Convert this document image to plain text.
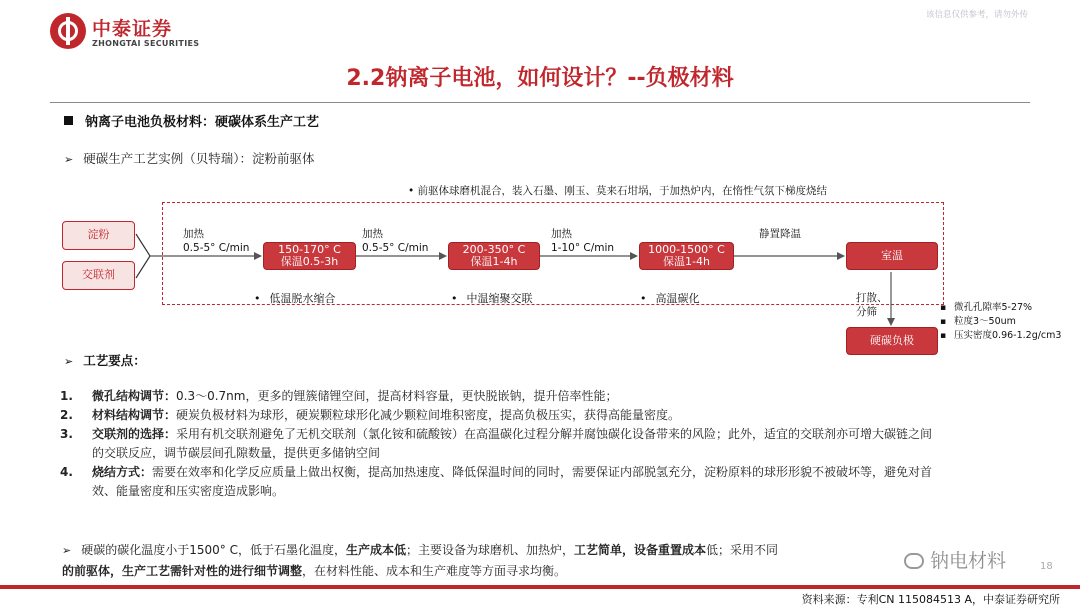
中泰证券
ZHONGTAI SECURITIES
该信息仅供参考，请勿外传
2.2钠离子电池，如何设计？--负极材料
钠离子电池负极材料：硬碳体系生产工艺
➢ 硬碳生产工艺实例（贝特瑞）：淀粉前驱体
• 前驱体球磨机混合，装入石墨、刚玉、莫来石坩埚，于加热炉内，在惰性气氛下梯度烧结
淀粉
交联剂
150-170° C
保温0.5-3h
200-350° C
保温1-4h
1000-1500° C
保温1-4h	室温
硬碳负极
加热
0.5-5° C/min
加热
0.5-5° C/min
加热
1-10° C/min
静置降温
打散、
分筛
• 低温脱水缩合	• 中温缩聚交联	• 高温碳化
▪ 微孔孔隙率5-27%
▪ 粒度3～50um
▪ 压实密度0.96-1.2g/cm3
➢ 工艺要点：
1. 微孔结构调节：0.3～0.7nm，更多的锂簇储锂空间，提高材料容量，更快脱嵌钠，提升倍率性能；
2. 材料结构调节：硬炭负极材料为球形，硬炭颗粒球形化减少颗粒间堆积密度，提高负极压实，获得高能量密度。
3. 交联剂的选择：采用有机交联剂避免了无机交联剂（氯化铵和硫酸铵）在高温碳化过程分解并腐蚀碳化设备带来的风险；此外，适宜的交联剂亦可增大碳链之间的交联反应，调节碳层间孔隙数量，提供更多储钠空间
4. 烧结方式：需要在效率和化学反应质量上做出权衡，提高加热速度、降低保温时间的同时，需要保证内部脱氢充分，淀粉原料的球形形貌不被破坏等，避免对首效、能量密度和压实密度造成影响。
➢ 硬碳的碳化温度小于1500° C，低于石墨化温度，生产成本低；主要设备为球磨机、加热炉，工艺简单，设备重置成本低；采用不同
的前驱体，生产工艺需针对性的进行细节调整，在材料性能、成本和生产难度等方面寻求均衡。	钠电材料	18
资料来源：专利CN 115084513 A，中泰证券研究所
